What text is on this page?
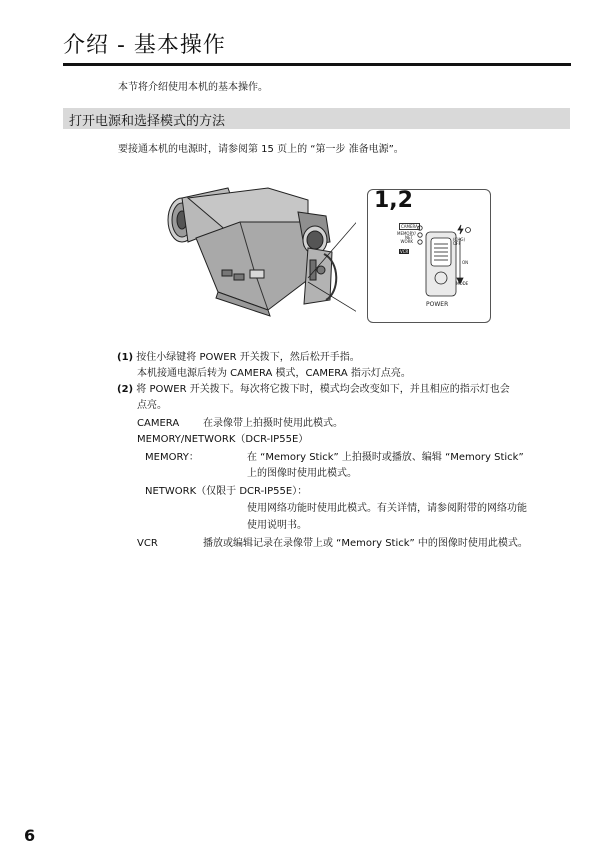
介绍 - 基本操作
本节将介绍使用本机的基本操作。
打开电源和选择模式的方法
要接通本机的电源时，请参阅第 15 页上的 “第一步 准备电源”。
1,2
CAMERA
MEMORY/ NET WORK
VCR
(CHG) OFF
ON
MODE
POWER
(1) 按住小绿键将 POWER 开关拨下，然后松开手指。
本机接通电源后转为 CAMERA 模式，CAMERA 指示灯点亮。
(2) 将 POWER 开关拨下。每次将它拨下时，模式均会改变如下，并且相应的指示灯也会
点亮。
CAMERA 在录像带上拍摄时使用此模式。
MEMORY/NETWORK（DCR-IP55E）
MEMORY：	在 “Memory Stick” 上拍摄时或播放、编辑 “Memory Stick”
上的图像时使用此模式。
NETWORK（仅限于 DCR-IP55E）：
使用网络功能时使用此模式。有关详情，请参阅附带的网络功能
使用说明书。
VCR	播放或编辑记录在录像带上或 “Memory Stick” 中的图像时使用此模式。
6
